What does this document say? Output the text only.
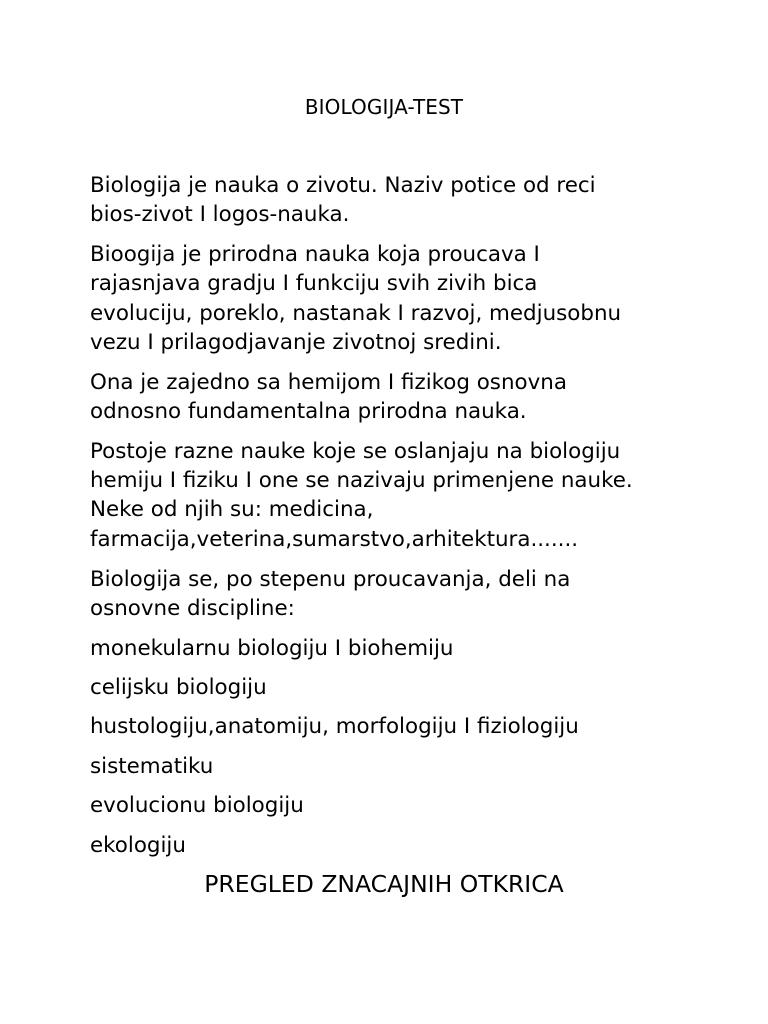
BIOLOGIJA-TEST

Biologija je nauka o zivotu. Naziv potice od reci
bios-zivot I logos-nauka.

Bioogija je prirodna nauka koja proucava I
rajasnjava gradju I funkciju svih zivih bica
evoluciju, poreklo, nastanak I razvoj, medjusobnu
vezu I prilagodjavanje zivotnoj sredini.

Ona je zajedno sa hemijom I fizikog osnovna
odnosno fundamentalna prirodna nauka.

Postoje razne nauke koje se oslanjaju na biologiju
hemiju I fiziku I one se nazivaju primenjene nauke.
Neke od njih su: medicina,
farmacija,veterina,sumarstvo,arhitektura.......

Biologija se, po stepenu proucavanja, deli na
osnovne discipline:

monekularnu biologiju I biohemiju

celijsku biologiju

hustologiju,anatomiju, morfologiju I fiziologiju

sistematiku

evolucionu biologiju

ekologiju

PREGLED ZNACAJNIH OTKRICA
